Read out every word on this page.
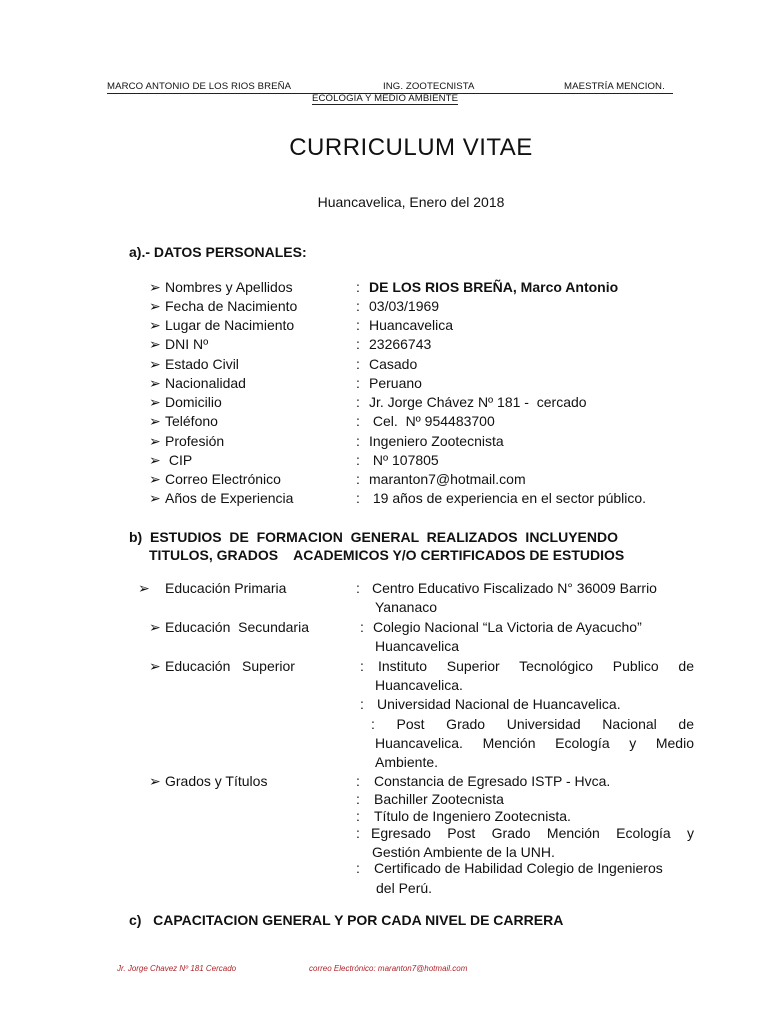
MARCO ANTONIO DE LOS RIOS BREÑA	ING. ZOOTECNISTA	MAESTRÍA MENCION.
ECOLOGÍA Y MEDIO AMBIENTE
CURRICULUM VITAE
Huancavelica, Enero del 2018
a).- DATOS PERSONALES:
➢ Nombres y Apellidos	: DE LOS RIOS BREÑA, Marco Antonio
➢ Fecha de Nacimiento	: 03/03/1969
➢ Lugar de Nacimiento	: Huancavelica
➢ DNI Nº	: 23266743
➢ Estado Civil	: Casado
➢ Nacionalidad	: Peruano
➢ Domicilio	: Jr. Jorge Chávez Nº 181 -  cercado
➢ Teléfono	: Cel.  Nº 954483700
➢ Profesión	: Ingeniero Zootecnista
➢ CIP	: Nº 107805
➢ Correo Electrónico	: maranton7@hotmail.com
➢ Años de Experiencia	: 19 años de experiencia en el sector público.
b)  ESTUDIOS  DE  FORMACION  GENERAL  REALIZADOS  INCLUYENDO
TITULOS, GRADOS    ACADEMICOS Y/O CERTIFICADOS DE ESTUDIOS
➢ Educación Primaria	: Centro Educativo Fiscalizado N° 36009 Barrio
Yananaco
➢ Educación  Secundaria	: Colegio Nacional “La Victoria de Ayacucho”
Huancavelica
➢ Educación   Superior	: Instituto Superior Tecnológico Publico de
Huancavelica.
: Universidad Nacional de Huancavelica.
:  Post  Grado  Universidad  Nacional  de
Huancavelica.  Mención  Ecología  y  Medio
Ambiente.
➢ Grados y Títulos	: Constancia de Egresado ISTP - Hvca.
: Bachiller Zootecnista
: Título de Ingeniero Zootecnista.
: Egresado Post Grado Mención Ecología y
Gestión Ambiente de la UNH.
: Certificado de Habilidad Colegio de Ingenieros
del Perú.
c)   CAPACITACION GENERAL Y POR CADA NIVEL DE CARRERA
Jr. Jorge Chavez Nº 181 Cercado	correo Electrónico: maranton7@hotmail.com
